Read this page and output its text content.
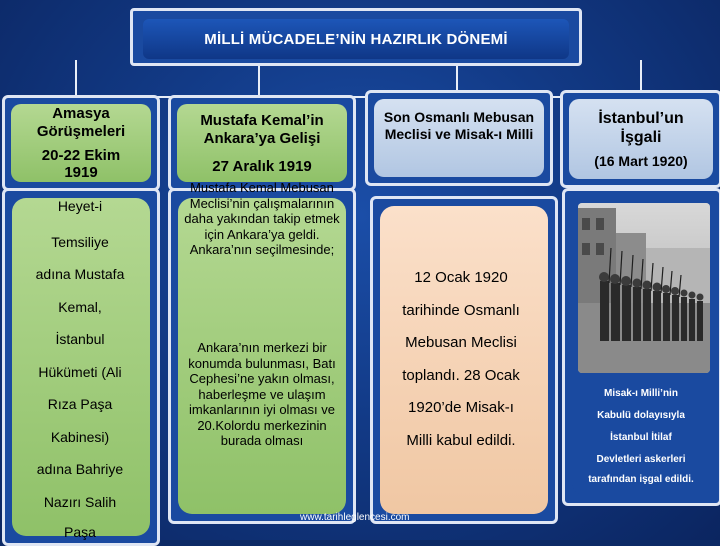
MİLLİ MÜCADELE’NİN HAZIRLIK DÖNEMİ
Amasya Görüşmeleri
20-22 Ekim 1919
Mustafa Kemal’in Ankara’ya Gelişi
27 Aralık 1919
Son Osmanlı Mebusan Meclisi ve Misak-ı Milli
İstanbul’un İşgali
(16 Mart 1920)
Heyet-i
Temsiliye
adına Mustafa
Kemal,
İstanbul
Hükümeti (Ali
Rıza Paşa
Kabinesi)
adına Bahriye
Nazırı Salih
Paşa
Mustafa Kemal Mebusan Meclisi’nin çalışmalarının daha yakından takip etmek için Ankara’ya geldi. Ankara’nın seçilmesinde;
Ankara’nın merkezi bir konumda bulunması, Batı Cephesi’ne yakın olması, haberleşme ve ulaşım imkanlarının iyi olması ve 20.Kolordu merkezinin burada olması
12 Ocak 1920
tarihinde Osmanlı
Mebusan Meclisi
toplandı. 28 Ocak
1920’de Misak-ı
Milli kabul edildi.
Misak-ı Milli’nin
Kabulü dolayısıyla
İstanbul İtilaf
Devletleri askerleri
tarafından işgal edildi.
www.tarihleglencesi.com
